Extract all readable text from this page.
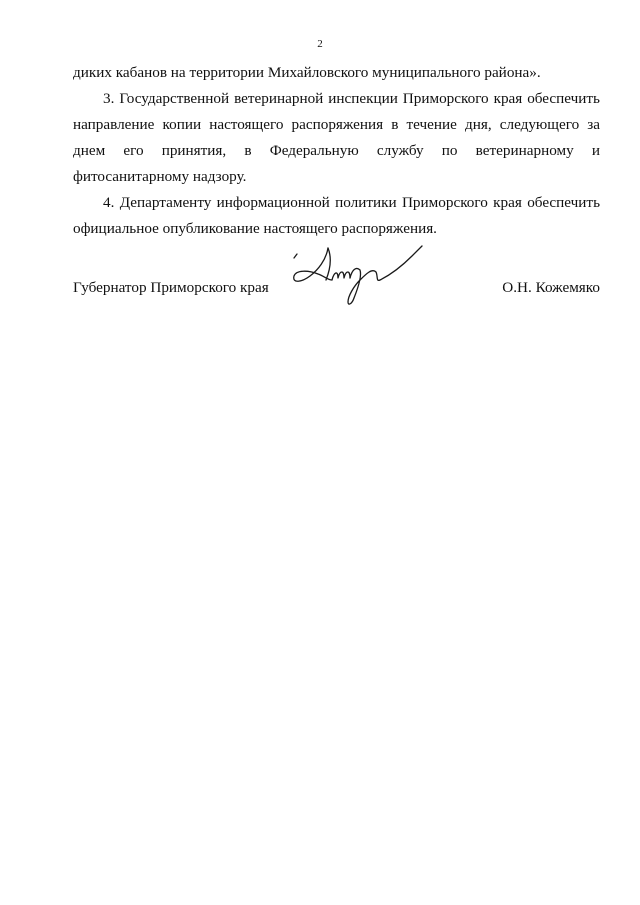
2

диких кабанов на территории Михайловского муниципального района».

3. Государственной ветеринарной инспекции Приморского края обеспечить направление копии настоящего распоряжения в течение дня, следующего за днем его принятия, в Федеральную службу по ветеринарному и фитосанитарному надзору.

4. Департаменту информационной политики Приморского края обеспечить официальное опубликование настоящего распоряжения.

Губернатор Приморского края	О.Н. Кожемяко
